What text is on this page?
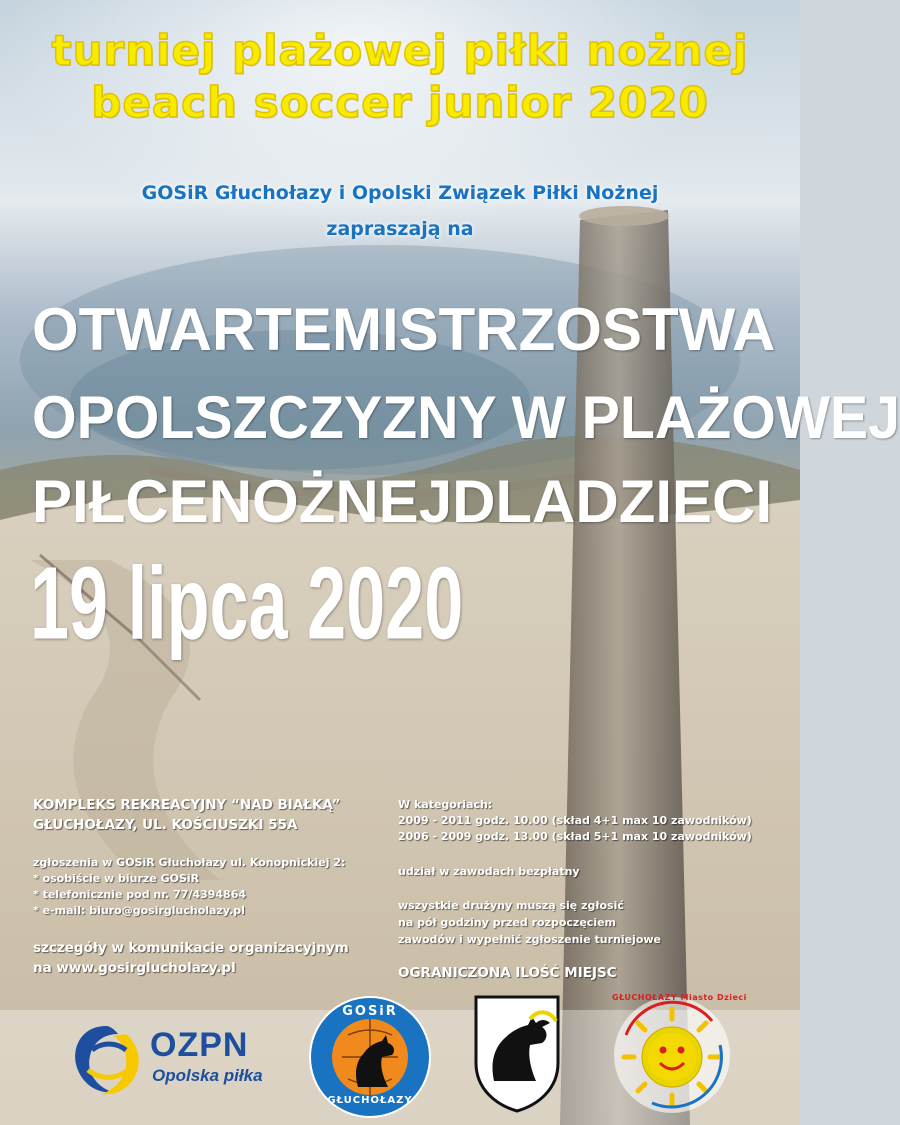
turniej plażowej piłki nożnej
beach soccer junior 2020
GOSiR Głuchołazy i Opolski Związek Piłki Nożnej
zapraszają na
OTWARTE MISTRZOSTWA
OPOLSZCZYZNY W PLAŻOWEJ
PIŁCE NOŻNEJ DLA DZIECI
19 lipca 2020
KOMPLEKS REKREACYJNY “NAD BIAŁKĄ”
GŁUCHOŁAZY, UL. KOŚCIUSZKI 55A
zgłoszenia w GOSiR Głuchołazy ul. Konopnickiej 2:
* osobiście w biurze GOSiR
* telefonicznie pod nr. 77/4394864
* e-mail: biuro@gosirglucholazy.pl
szczegóły w komunikacie organizacyjnym
na www.gosirglucholazy.pl
W kategoriach:
2009 - 2011 godz. 10.00 (skład 4+1 max 10 zawodników)
2006 - 2009 godz. 13.00 (skład 5+1 max 10 zawodników)
udział w zawodach bezpłatny
wszystkie drużyny muszą się zgłosić
na pół godziny przed rozpoczęciem
zawodów i wypełnić zgłoszenie turniejowe
OGRANICZONA ILOŚĆ MIEJSC
OZPN
Opolska piłka
GOSiR
GŁUCHOŁAZY
GŁUCHOŁAZY Miasto Dzieci
